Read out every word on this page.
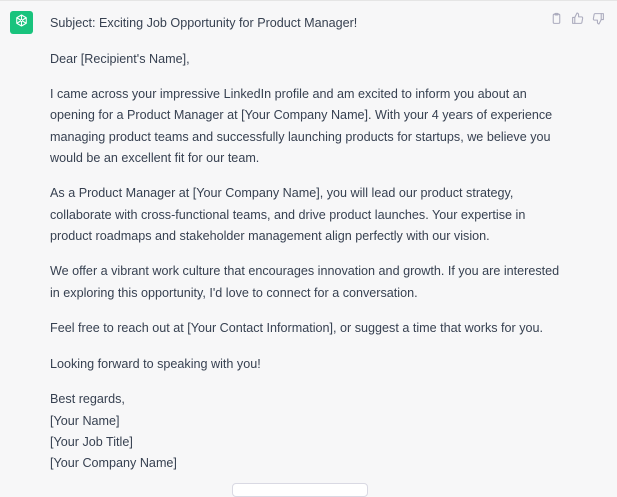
Subject: Exciting Job Opportunity for Product Manager!

Dear [Recipient's Name],

I came across your impressive LinkedIn profile and am excited to inform you about an
opening for a Product Manager at [Your Company Name]. With your 4 years of experience
managing product teams and successfully launching products for startups, we believe you
would be an excellent fit for our team.

As a Product Manager at [Your Company Name], you will lead our product strategy,
collaborate with cross-functional teams, and drive product launches. Your expertise in
product roadmaps and stakeholder management align perfectly with our vision.

We offer a vibrant work culture that encourages innovation and growth. If you are interested
in exploring this opportunity, I'd love to connect for a conversation.

Feel free to reach out at [Your Contact Information], or suggest a time that works for you.

Looking forward to speaking with you!

Best regards,
[Your Name]
[Your Job Title]
[Your Company Name]
